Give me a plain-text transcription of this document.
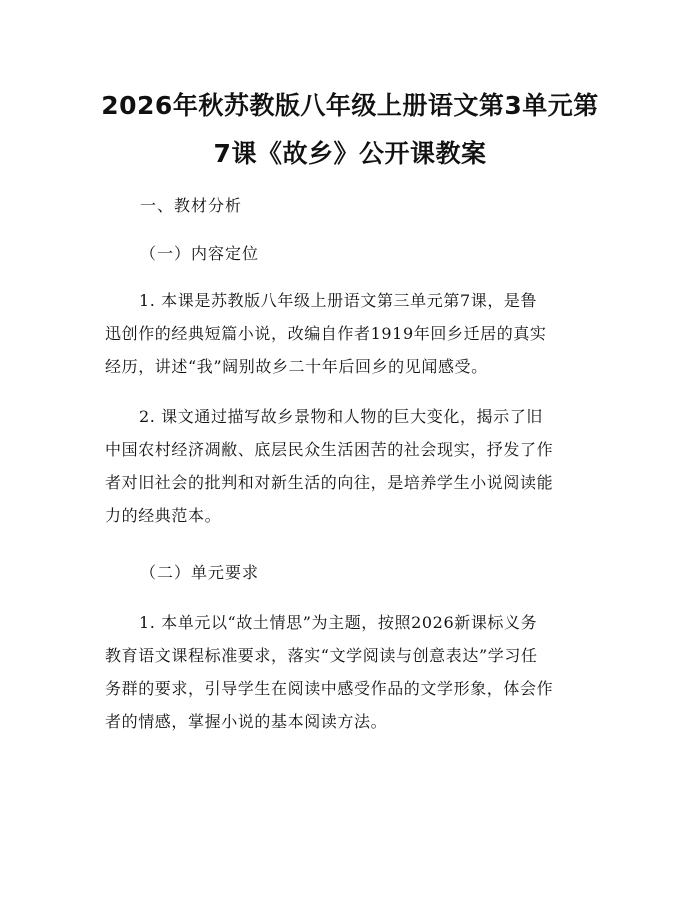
2026年秋苏教版八年级上册语文第3单元第
7课《故乡》公开课教案
一、教材分析
（一）内容定位
1. 本课是苏教版八年级上册语文第三单元第7课，是鲁
迅创作的经典短篇小说，改编自作者1919年回乡迁居的真实
经历，讲述“我”阔别故乡二十年后回乡的见闻感受。
2. 课文通过描写故乡景物和人物的巨大变化，揭示了旧
中国农村经济凋敝、底层民众生活困苦的社会现实，抒发了作
者对旧社会的批判和对新生活的向往，是培养学生小说阅读能
力的经典范本。
（二）单元要求
1. 本单元以“故土情思”为主题，按照2026新课标义务
教育语文课程标准要求，落实“文学阅读与创意表达”学习任
务群的要求，引导学生在阅读中感受作品的文学形象，体会作
者的情感，掌握小说的基本阅读方法。
